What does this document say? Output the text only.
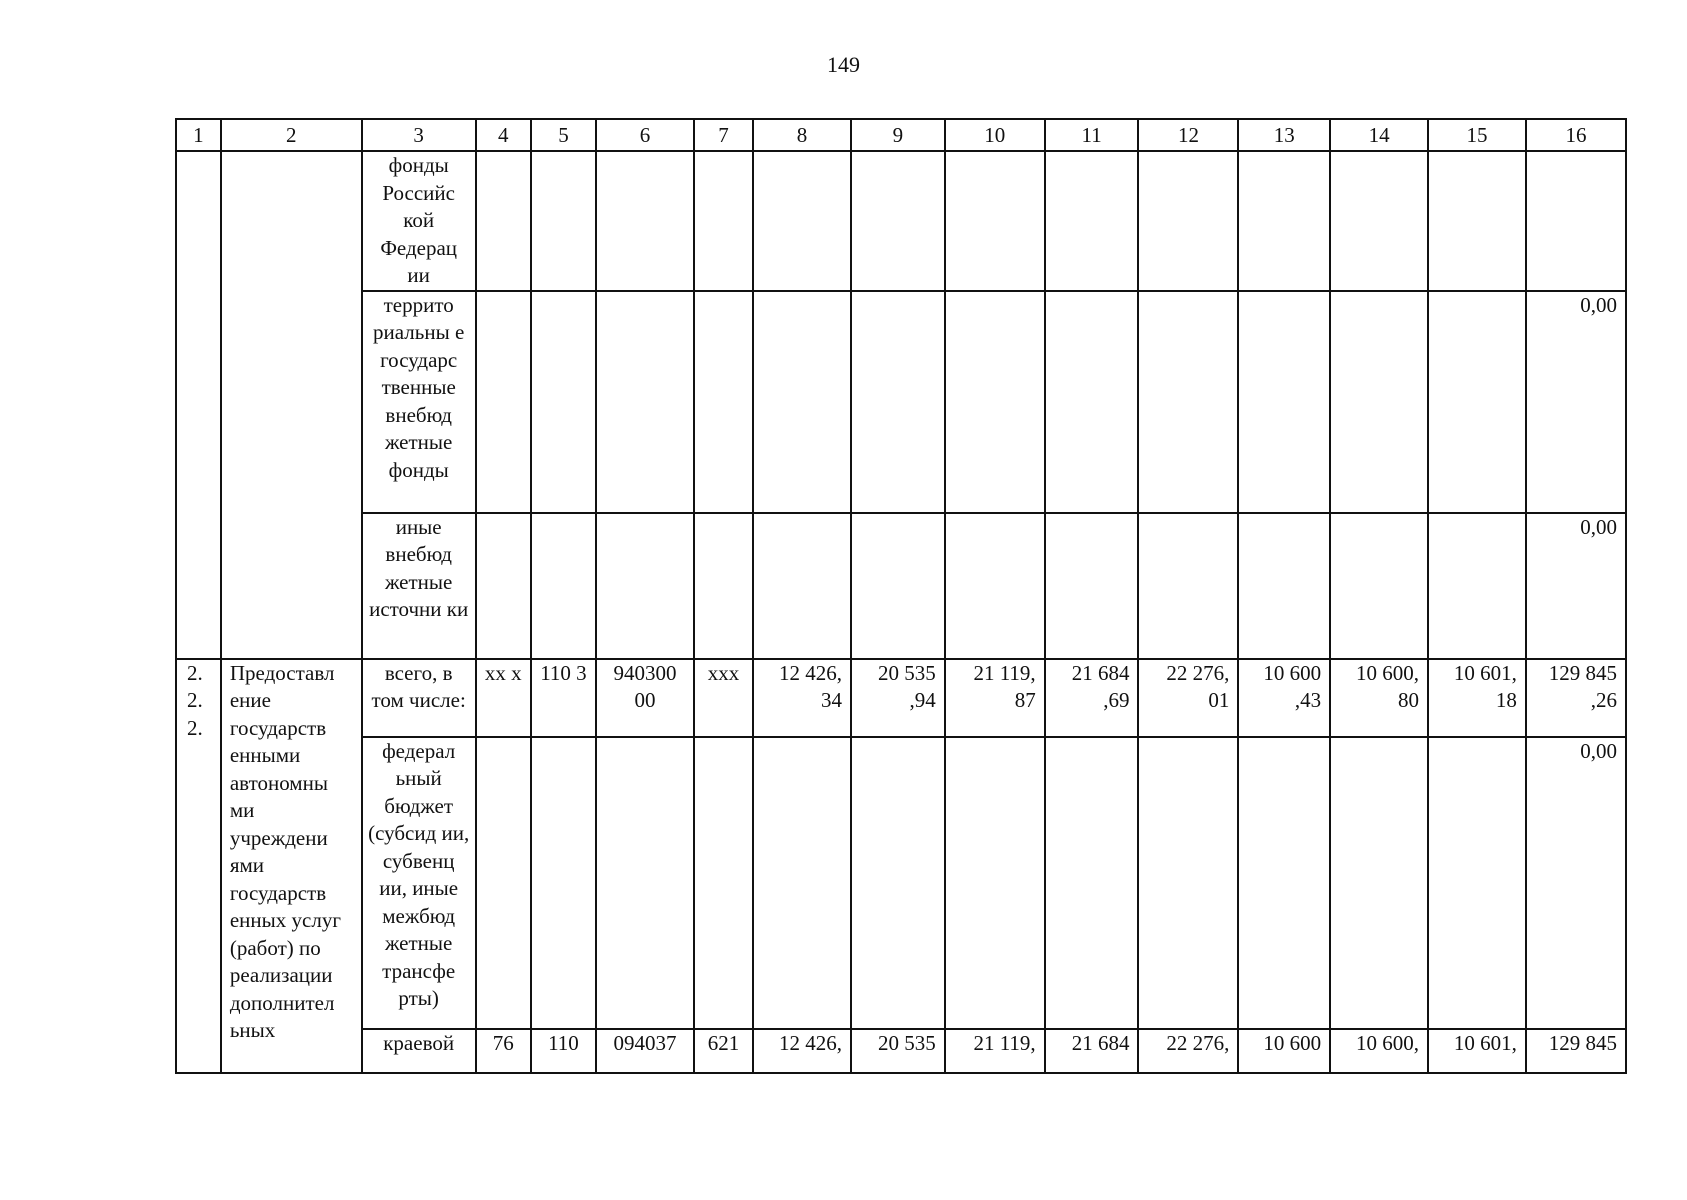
149
1	2	3	4	5	6	7	8	9	10	11	12	13	14	15	16
		фонды Российс кой Федерац ии													
		террито риальны е государс твенные внебюд жетные фонды													0,00
		иные внебюд жетные источни ки													0,00
2. 2. 2.	Предоставл ение государств енными автономны ми учреждени ями государств енных услуг (работ) по реализации дополнител ьных	всего, в том числе:	хх х	110 3	940300 00	ххх	12 426, 34	20 535 ,94	21 119, 87	21 684 ,69	22 276, 01	10 600 ,43	10 600, 80	10 601, 18	129 845 ,26
		федерал ьный бюджет (субсид ии, субвенц ии, иные межбюд жетные трансфе рты)													0,00
		краевой	76	110	094037	621	12 426,	20 535	21 119,	21 684	22 276,	10 600	10 600,	10 601,	129 845
